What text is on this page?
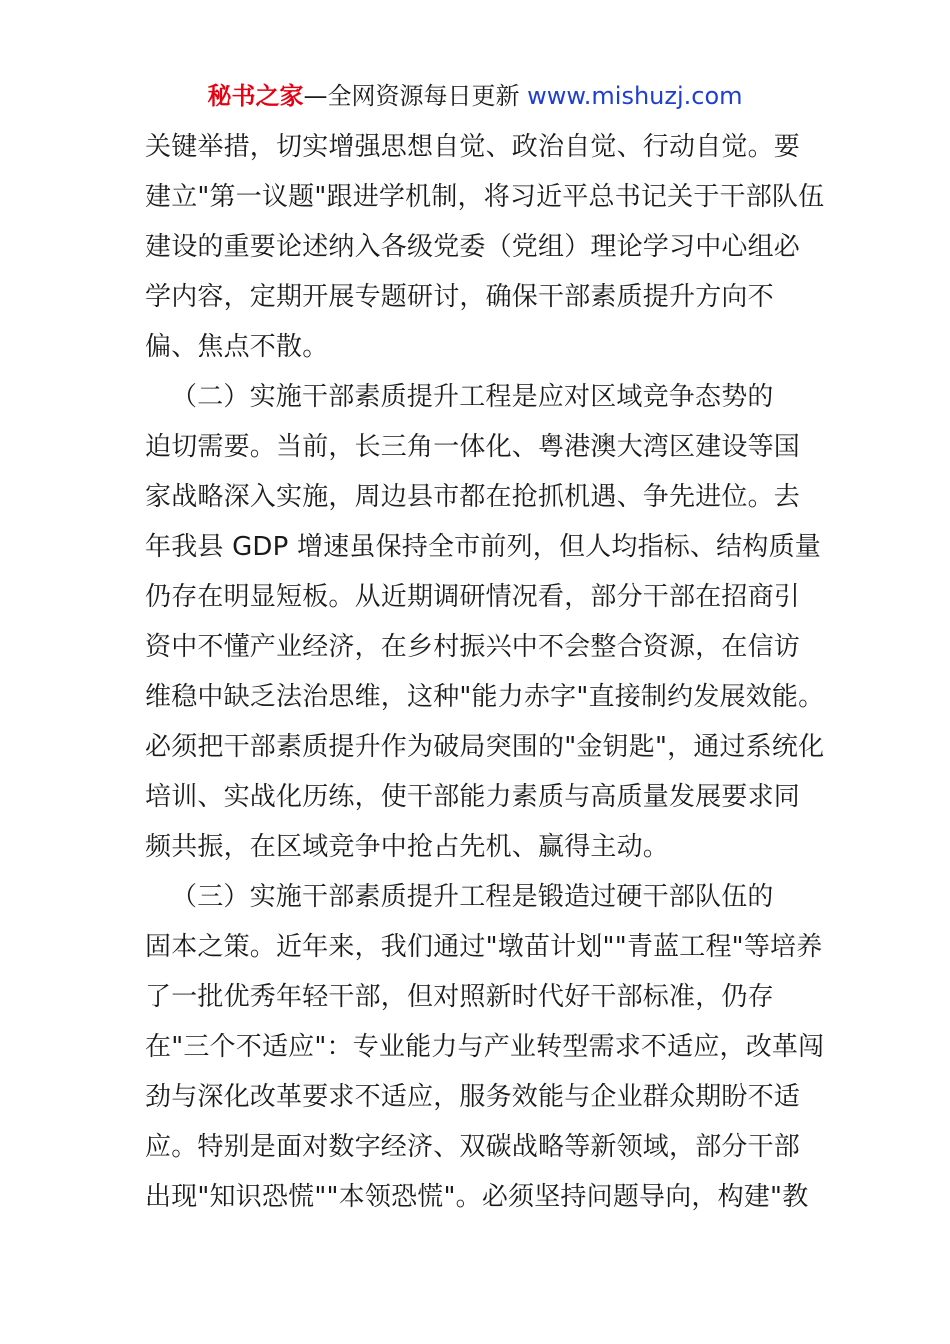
秘书之家—全网资源每日更新 www.mishuzj.com
关键举措，切实增强思想自觉、政治自觉、行动自觉。要
建立"第一议题"跟进学机制，将习近平总书记关于干部队伍
建设的重要论述纳入各级党委（党组）理论学习中心组必
学内容，定期开展专题研讨，确保干部素质提升方向不
偏、焦点不散。
（二）实施干部素质提升工程是应对区域竞争态势的
迫切需要。当前，长三角一体化、粤港澳大湾区建设等国
家战略深入实施，周边县市都在抢抓机遇、争先进位。去
年我县 GDP 增速虽保持全市前列，但人均指标、结构质量
仍存在明显短板。从近期调研情况看，部分干部在招商引
资中不懂产业经济，在乡村振兴中不会整合资源，在信访
维稳中缺乏法治思维，这种"能力赤字"直接制约发展效能。
必须把干部素质提升作为破局突围的"金钥匙"，通过系统化
培训、实战化历练，使干部能力素质与高质量发展要求同
频共振，在区域竞争中抢占先机、赢得主动。
（三）实施干部素质提升工程是锻造过硬干部队伍的
固本之策。近年来，我们通过"墩苗计划""青蓝工程"等培养
了一批优秀年轻干部，但对照新时代好干部标准，仍存
在"三个不适应"：专业能力与产业转型需求不适应，改革闯
劲与深化改革要求不适应，服务效能与企业群众期盼不适
应。特别是面对数字经济、双碳战略等新领域，部分干部
出现"知识恐慌""本领恐慌"。必须坚持问题导向，构建"教
